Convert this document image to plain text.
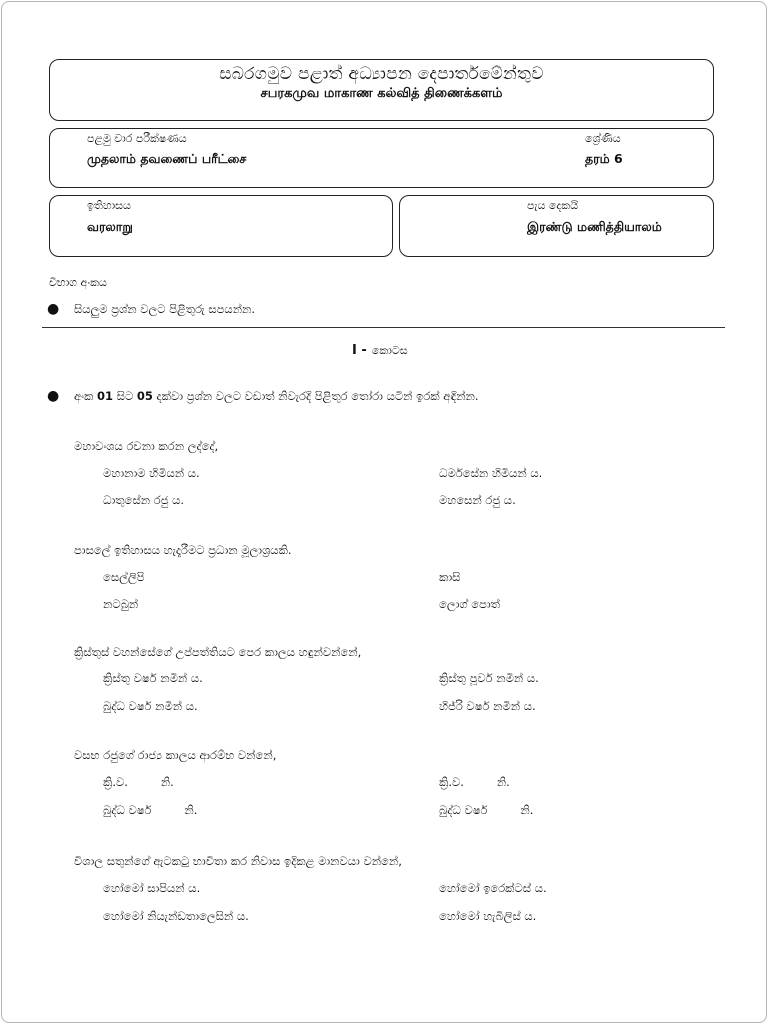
සබරගමුව පළාත් අධ්‍යාපන දෙපාර්තමේන්තුව
சபரகமுவ மாகாண கல்வித் திணைக்களம்
පළමු වාර පරීක්ෂණය
முதலாம் தவணைப் பரீட்சை
ශ්‍රේණිය
தரம் 6
ඉතිහාසය
வரலாறு
පැය දෙකයි
இரண்டு மணித்தியாலம்
විභාග අංකය
● සියලුම ප්‍රශ්න වලට පිළිතුරු සපයන්න.
I - කොටස
● අංක 01 සිට 05 දක්වා ප්‍රශ්න වලට වඩාත් නිවැරදි පිළිතුර තෝරා යටින් ඉරක් අඳින්න.
මහාවංශය රචනා කරන ලද්දේ,
මහානාම හිමියන් ය.	ධර්මසේන හිමියන් ය.
ධාතුසේන රජු ය.	මහසෙන් රජු ය.
පාසලේ ඉතිහාසය හැදෑරීමට ප්‍රධාන මූලාශ්‍රයකි.
සෙල්ලිපි	කාසි
නටබුන්	ලොග් පොත්
ක්‍රිස්තුස් වහන්සේගේ උප්පත්තියට පෙර කාලය හඳුන්වන්නේ,
ක්‍රිස්තු වර්ෂ නමින් ය.	ක්‍රිස්තු පූර්ව නමින් ය.
බුද්ධ වර්ෂ නමින් ය.	හිජ්රි වර්ෂ නමින් ය.
වසභ රජුගේ රාජ්‍ය කාලය ආරම්භ වන්නේ,
ක්‍රි.ව.         නි.	ක්‍රි.ව.         නි.
බුද්ධ වර්ෂ         නි.	බුද්ධ වර්ෂ         නි.
විශාල සතුන්ගේ ඇටකටු භාවිතා කර නිවාස ඉදිකළ මානවයා වන්නේ,
හෝමෝ සාපියන් ය.	හෝමෝ ඉරෙක්ටස් ය.
හෝමෝ නියැන්ඩතාලෙසින් ය.	හෝමෝ හැබිලිස් ය.
